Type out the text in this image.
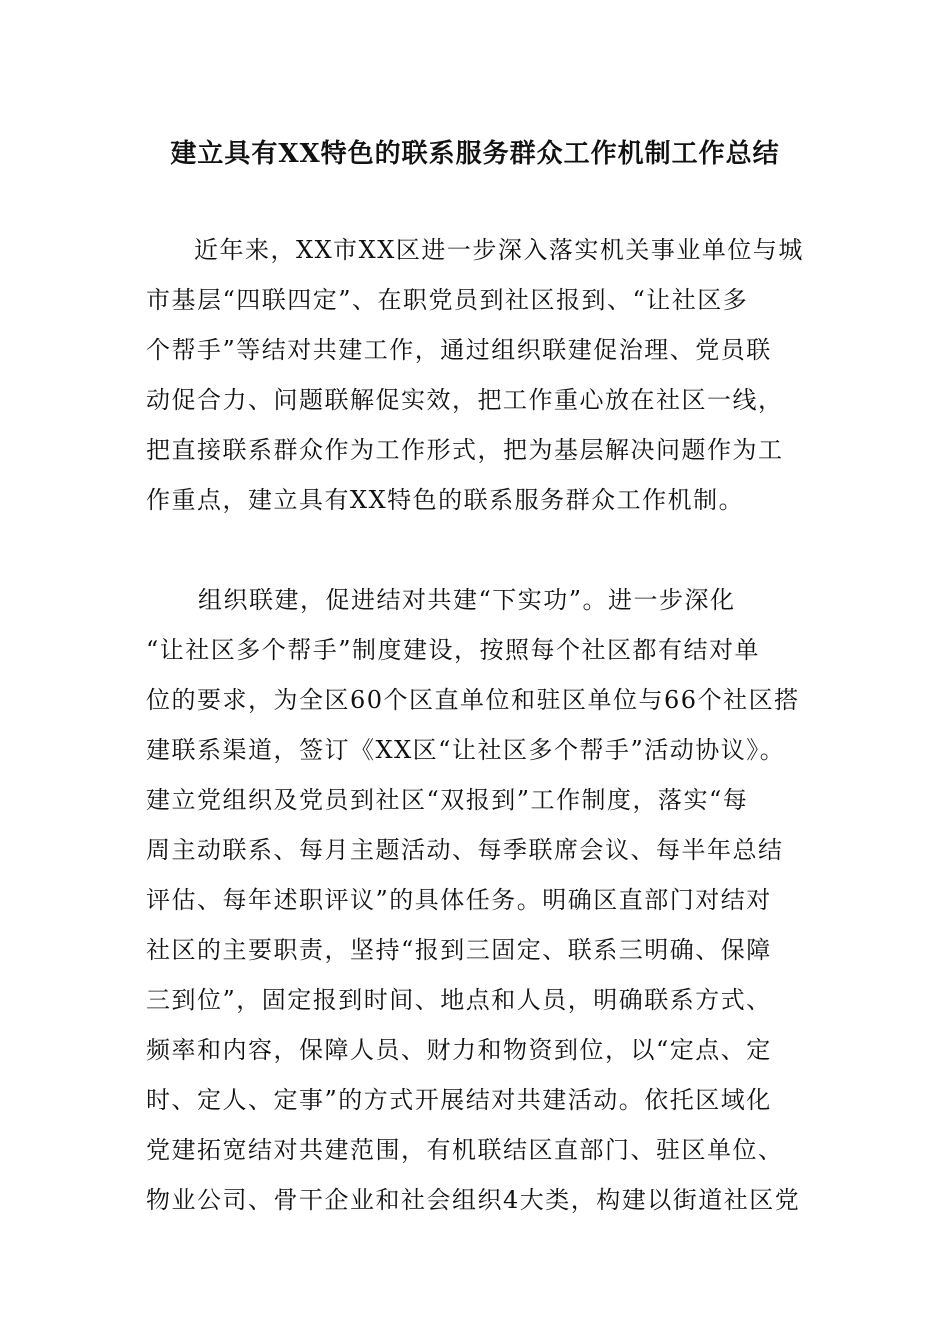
建立具有XX特色的联系服务群众工作机制工作总结
近年来，XX市XX区进一步深入落实机关事业单位与城
市基层“四联四定”、在职党员到社区报到、“让社区多
个帮手”等结对共建工作，通过组织联建促治理、党员联
动促合力、问题联解促实效，把工作重心放在社区一线，
把直接联系群众作为工作形式，把为基层解决问题作为工
作重点，建立具有XX特色的联系服务群众工作机制。
组织联建，促进结对共建“下实功”。进一步深化
“让社区多个帮手”制度建设，按照每个社区都有结对单
位的要求，为全区60个区直单位和驻区单位与66个社区搭
建联系渠道，签订《XX区“让社区多个帮手”活动协议》。
建立党组织及党员到社区“双报到”工作制度，落实“每
周主动联系、每月主题活动、每季联席会议、每半年总结
评估、每年述职评议”的具体任务。明确区直部门对结对
社区的主要职责，坚持“报到三固定、联系三明确、保障
三到位”，固定报到时间、地点和人员，明确联系方式、
频率和内容，保障人员、财力和物资到位，以“定点、定
时、定人、定事”的方式开展结对共建活动。依托区域化
党建拓宽结对共建范围，有机联结区直部门、驻区单位、
物业公司、骨干企业和社会组织4大类，构建以街道社区党
